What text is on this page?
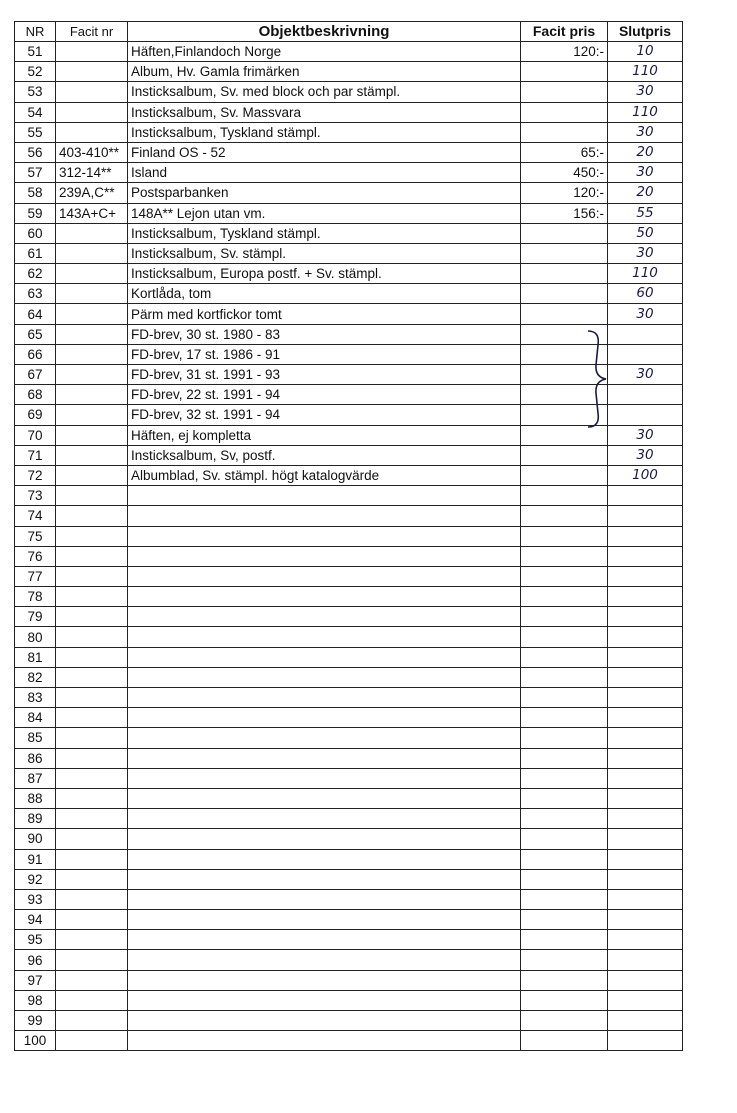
NR	Facit nr	Objektbeskrivning	Facit pris	Slutpris
51		Häften,Finlandoch Norge	120:-	10
52		Album, Hv. Gamla frimärken		110
53		Insticksalbum, Sv. med block och par stämpl.		30
54		Insticksalbum, Sv. Massvara		110
55		Insticksalbum, Tyskland stämpl.		30
56	403-410**	Finland OS - 52	65:-	20
57	312-14**	Island	450:-	30
58	239A,C**	Postsparbanken	120:-	20
59	143A+C+	148A** Lejon utan vm.	156:-	55
60		Insticksalbum, Tyskland stämpl.		50
61		Insticksalbum, Sv. stämpl.		30
62		Insticksalbum, Europa postf. + Sv. stämpl.		110
63		Kortlåda, tom		60
64		Pärm med kortfickor tomt		30
65		FD-brev, 30 st. 1980 - 83		
66		FD-brev, 17 st. 1986 - 91		
67		FD-brev, 31 st. 1991 - 93		30
68		FD-brev, 22 st. 1991 - 94		
69		FD-brev, 32 st. 1991 - 94		
70		Häften, ej kompletta		30
71		Insticksalbum, Sv, postf.		30
72		Albumblad, Sv. stämpl. högt katalogvärde		100
73				
74				
75				
76				
77				
78				
79				
80				
81				
82				
83				
84				
85				
86				
87				
88				
89				
90				
91				
92				
93				
94				
95				
96				
97				
98				
99				
100				
